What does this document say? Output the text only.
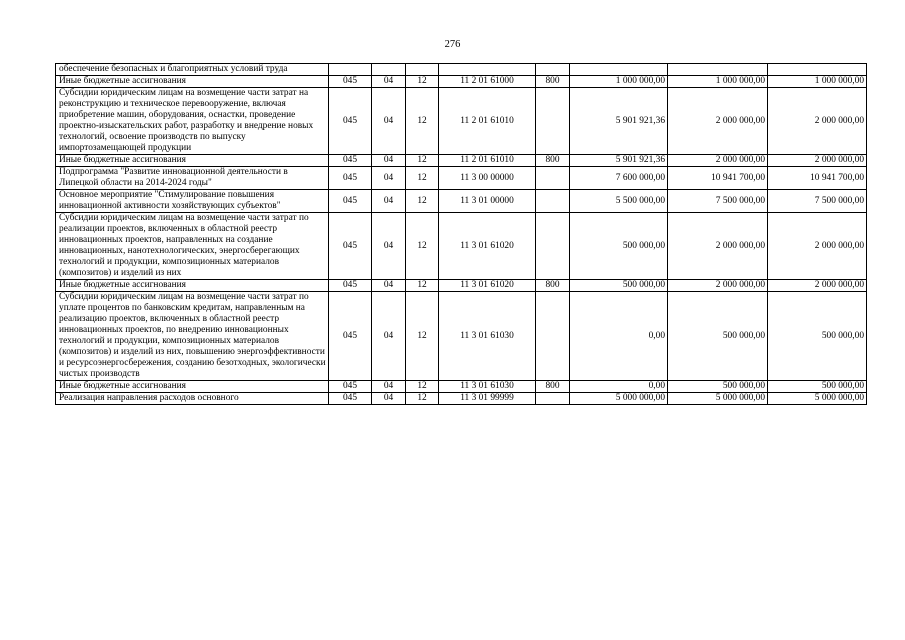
276
обеспечение безопасных и благоприятных условий труда								
Иные бюджетные ассигнования	045	04	12	11 2 01 61000	800	1 000 000,00	1 000 000,00	1 000 000,00
Субсидии юридическим лицам на возмещение части затрат на реконструкцию и техническое перевооружение, включая приобретение машин, оборудования, оснастки, проведение проектно-изыскательских работ, разработку и внедрение новых технологий, освоение производств по выпуску импортозамещающей продукции	045	04	12	11 2 01 61010		5 901 921,36	2 000 000,00	2 000 000,00
Иные бюджетные ассигнования	045	04	12	11 2 01 61010	800	5 901 921,36	2 000 000,00	2 000 000,00
Подпрограмма "Развитие инновационной деятельности в Липецкой области на 2014-2024 годы"	045	04	12	11 3 00 00000		7 600 000,00	10 941 700,00	10 941 700,00
Основное мероприятие "Стимулирование повышения инновационной активности хозяйствующих субъектов"	045	04	12	11 3 01 00000		5 500 000,00	7 500 000,00	7 500 000,00
Субсидии юридическим лицам на возмещение части затрат по реализации проектов, включенных в областной реестр инновационных проектов, направленных на создание инновационных, нанотехнологических, энергосберегающих технологий и продукции, композиционных материалов (композитов) и изделий из них	045	04	12	11 3 01 61020		500 000,00	2 000 000,00	2 000 000,00
Иные бюджетные ассигнования	045	04	12	11 3 01 61020	800	500 000,00	2 000 000,00	2 000 000,00
Субсидии юридическим лицам на возмещение части затрат по уплате процентов по банковским кредитам, направленным на реализацию проектов, включенных в областной реестр инновационных проектов, по внедрению инновационных технологий и продукции, композиционных материалов (композитов) и изделий из них, повышению энергоэффективности и ресурсоэнергосбережения, созданию безотходных, экологически чистых производств	045	04	12	11 3 01 61030		0,00	500 000,00	500 000,00
Иные бюджетные ассигнования	045	04	12	11 3 01 61030	800	0,00	500 000,00	500 000,00
Реализация направления расходов основного	045	04	12	11 3 01 99999		5 000 000,00	5 000 000,00	5 000 000,00
